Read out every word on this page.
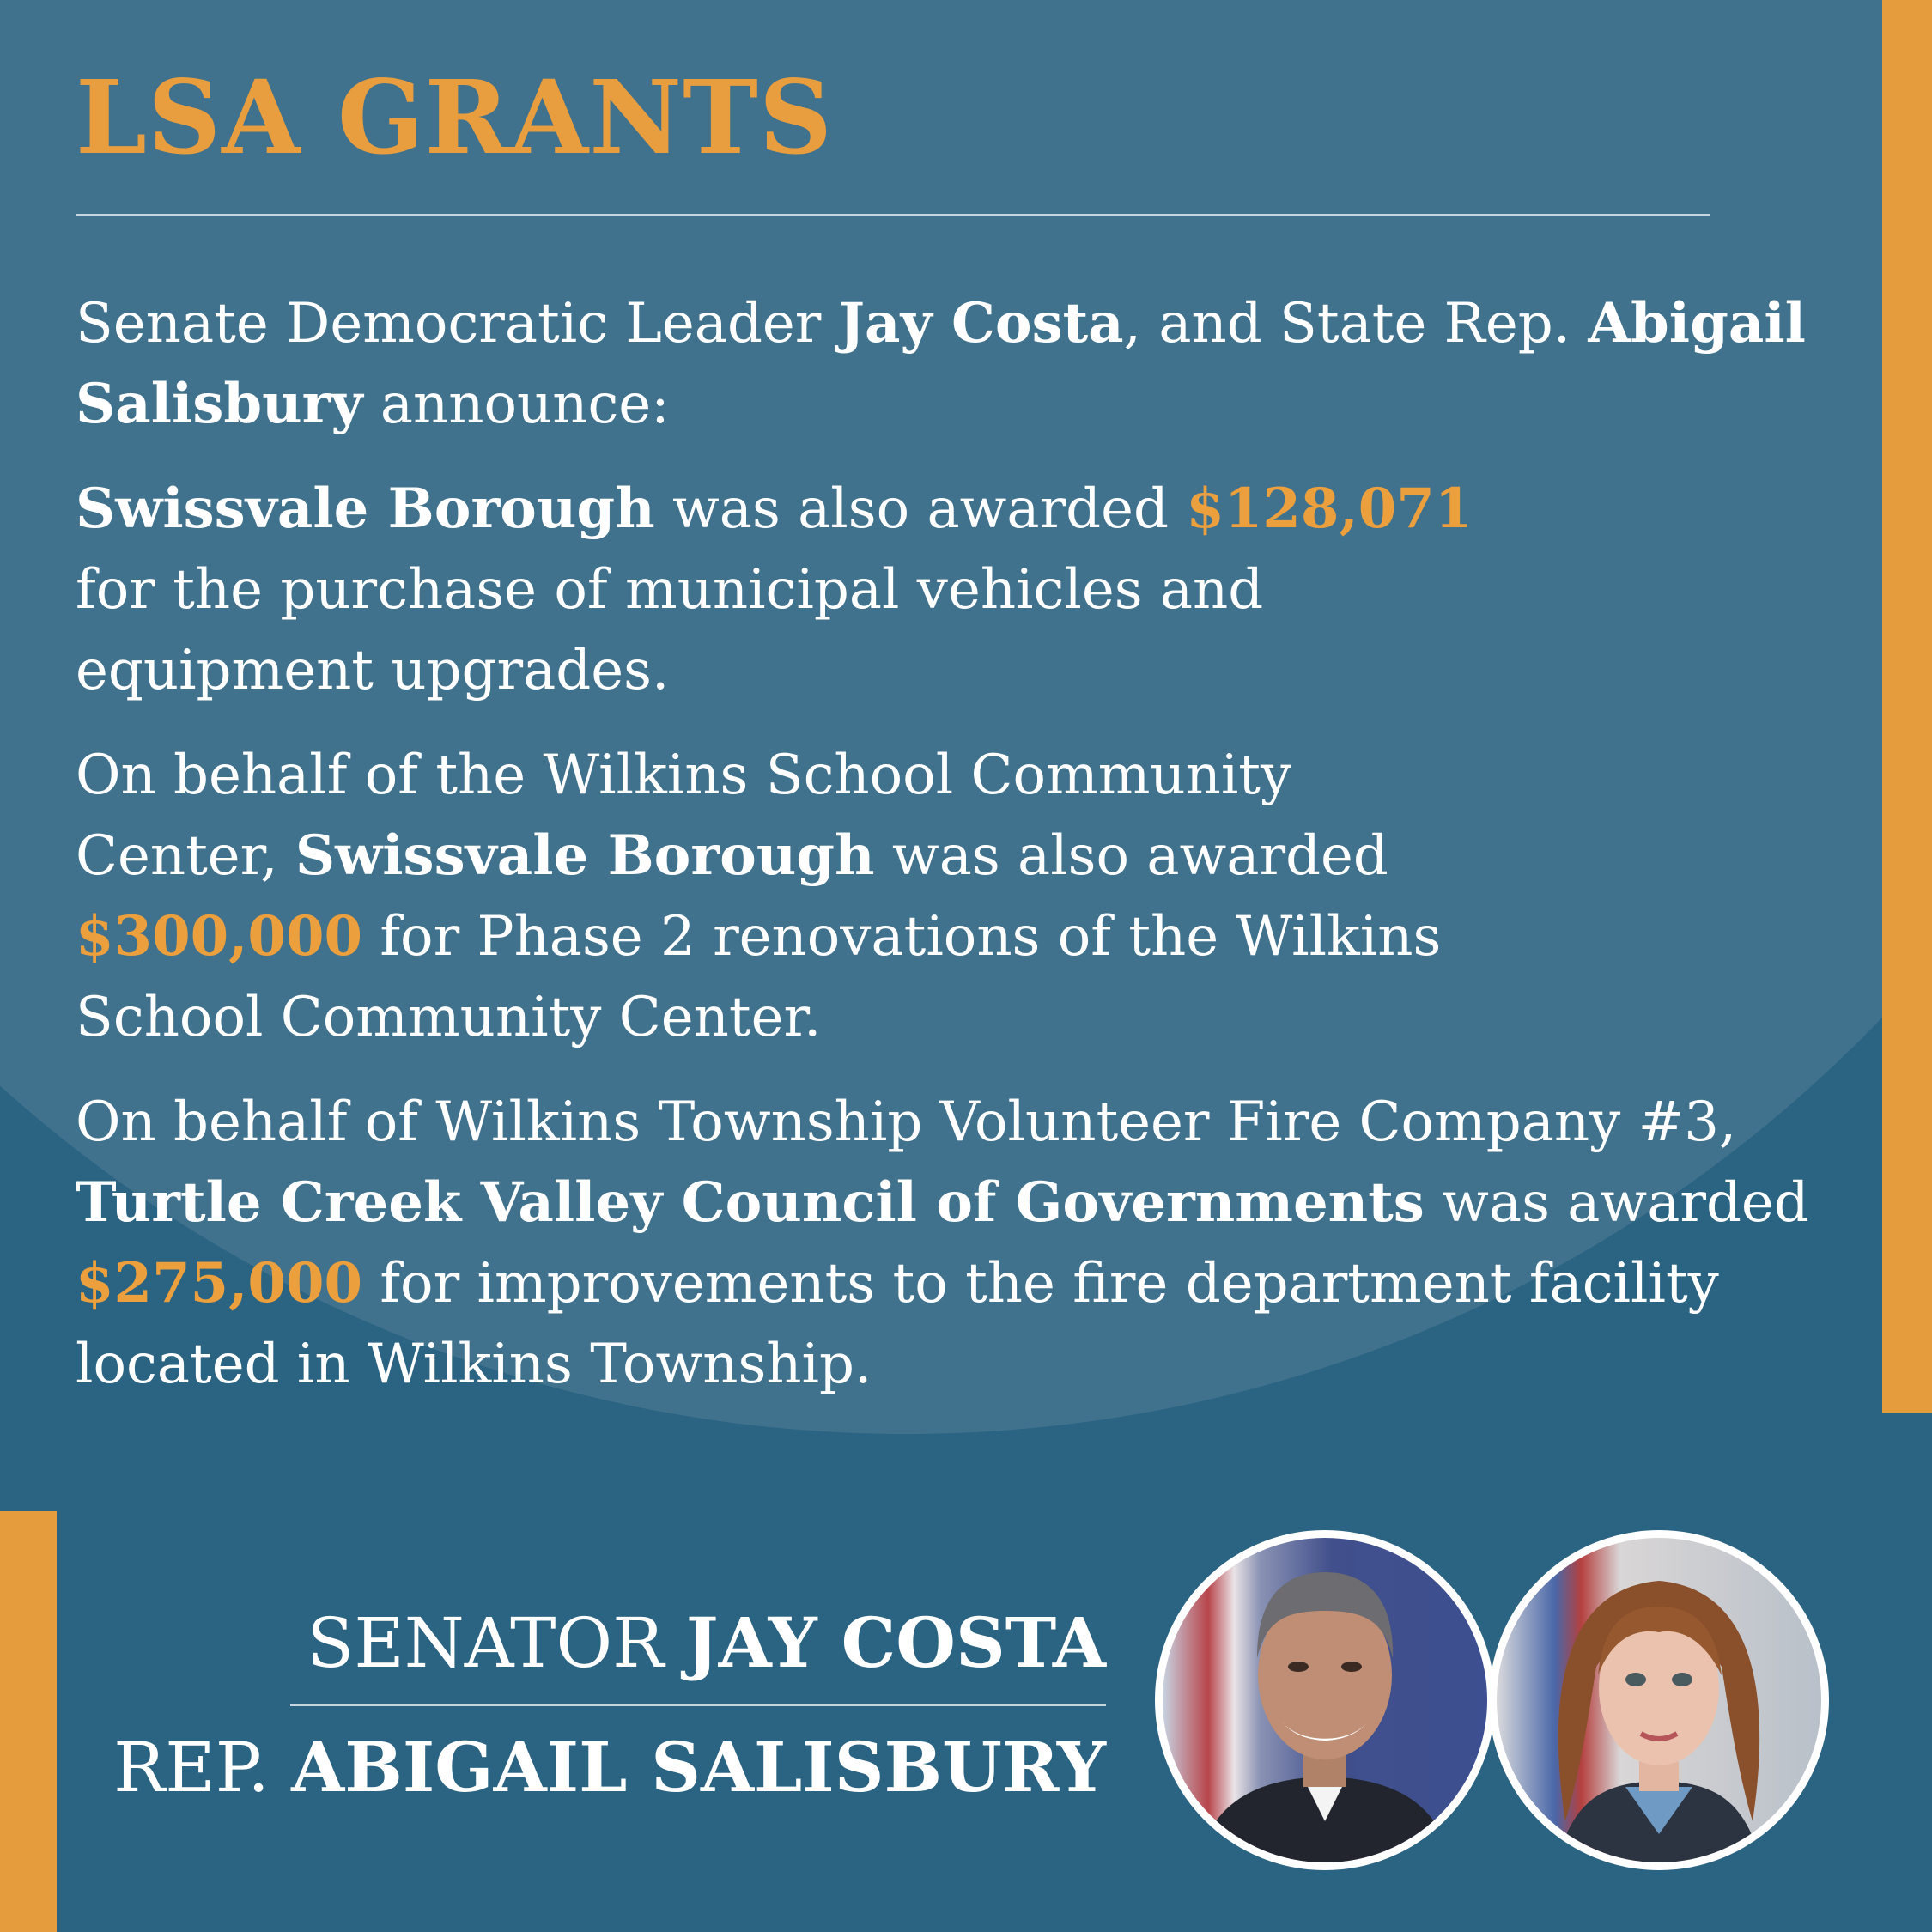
LSA GRANTS

Senate Democratic Leader Jay Costa, and State Rep. Abigail Salisbury announce:

Swissvale Borough was also awarded $128,071 for the purchase of municipal vehicles and equipment upgrades.

On behalf of the Wilkins School Community Center, Swissvale Borough was also awarded $300,000 for Phase 2 renovations of the Wilkins School Community Center.

On behalf of Wilkins Township Volunteer Fire Company #3, Turtle Creek Valley Council of Governments was awarded $275,000 for improvements to the fire department facility located in Wilkins Township.

SENATOR JAY COSTA
REP. ABIGAIL SALISBURY
